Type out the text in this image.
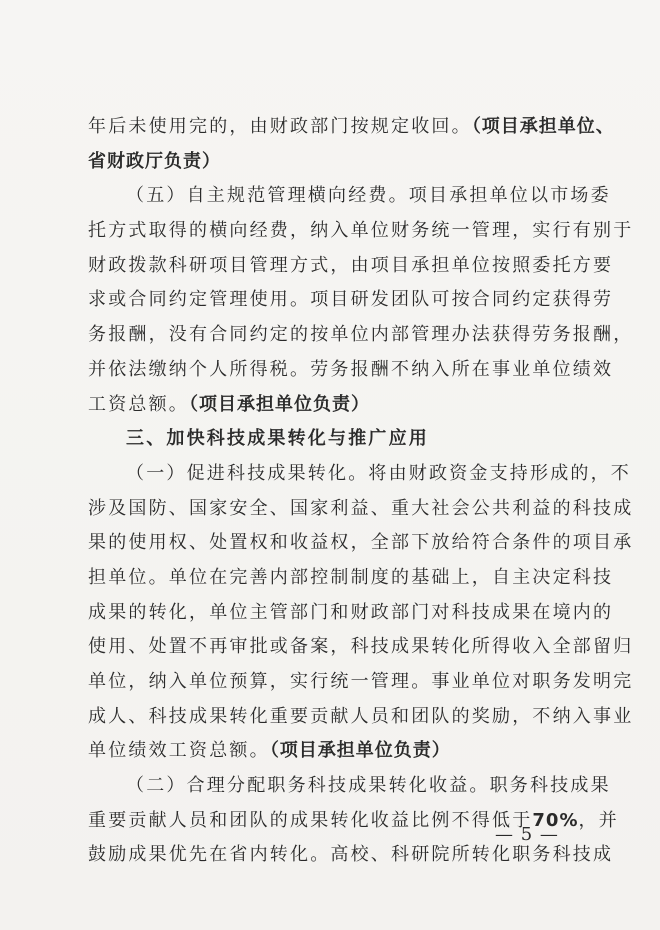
年后未使用完的，由财政部门按规定收回。（项目承担单位、
省财政厅负责）
（五）自主规范管理横向经费。项目承担单位以市场委
托方式取得的横向经费，纳入单位财务统一管理，实行有别于
财政拨款科研项目管理方式，由项目承担单位按照委托方要
求或合同约定管理使用。项目研发团队可按合同约定获得劳
务报酬，没有合同约定的按单位内部管理办法获得劳务报酬，
并依法缴纳个人所得税。劳务报酬不纳入所在事业单位绩效
工资总额。（项目承担单位负责）
三、加快科技成果转化与推广应用
（一）促进科技成果转化。将由财政资金支持形成的，不
涉及国防、国家安全、国家利益、重大社会公共利益的科技成
果的使用权、处置权和收益权，全部下放给符合条件的项目承
担单位。单位在完善内部控制制度的基础上，自主决定科技
成果的转化，单位主管部门和财政部门对科技成果在境内的
使用、处置不再审批或备案，科技成果转化所得收入全部留归
单位，纳入单位预算，实行统一管理。事业单位对职务发明完
成人、科技成果转化重要贡献人员和团队的奖励，不纳入事业
单位绩效工资总额。（项目承担单位负责）
（二）合理分配职务科技成果转化收益。职务科技成果
重要贡献人员和团队的成果转化收益比例不得低于70%，并
鼓励成果优先在省内转化。高校、科研院所转化职务科技成
— 5 —
